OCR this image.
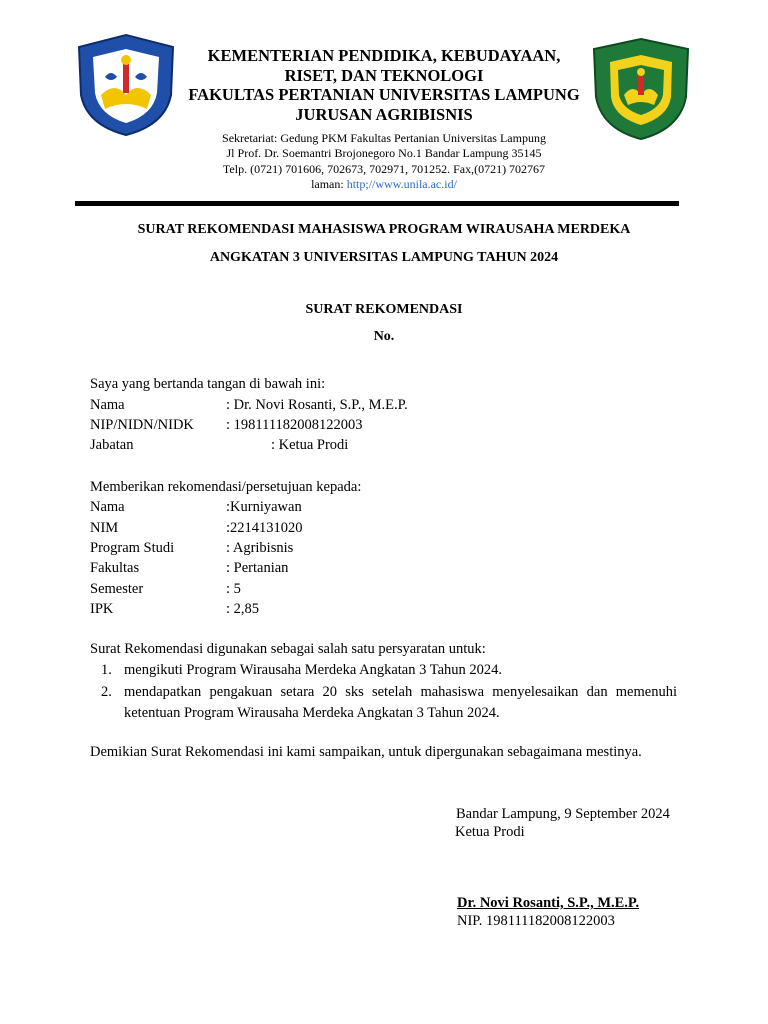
KEMENTERIAN PENDIDIKA, KEBUDAYAAN,
RISET, DAN TEKNOLOGI
FAKULTAS PERTANIAN UNIVERSITAS LAMPUNG
JURUSAN AGRIBISNIS
Sekretariat: Gedung PKM Fakultas Pertanian Universitas Lampung
Jl Prof. Dr. Soemantri Brojonegoro No.1 Bandar Lampung 35145
Telp. (0721) 701606, 702673, 702971, 701252. Fax,(0721) 702767
laman: http;//www.unila.ac.id/
SURAT REKOMENDASI MAHASISWA PROGRAM WIRAUSAHA MERDEKA
ANGKATAN 3 UNIVERSITAS LAMPUNG TAHUN 2024
SURAT REKOMENDASI
No.
Saya yang bertanda tangan di bawah ini:
Nama	: Dr. Novi Rosanti, S.P., M.E.P.
NIP/NIDN/NIDK : 198111182008122003
Jabatan	: Ketua Prodi
Memberikan rekomendasi/persetujuan kepada:
Nama	:Kurniyawan
NIM	:2214131020
Program Studi	: Agribisnis
Fakultas	: Pertanian
Semester	: 5
IPK	: 2,85
Surat Rekomendasi digunakan sebagai salah satu persyaratan untuk:
1. mengikuti Program Wirausaha Merdeka Angkatan 3 Tahun 2024.
2. mendapatkan pengakuan setara 20 sks setelah mahasiswa menyelesaikan dan memenuhi
ketentuan Program Wirausaha Merdeka Angkatan 3 Tahun 2024.
Demikian Surat Rekomendasi ini kami sampaikan, untuk dipergunakan sebagaimana mestinya.
Bandar Lampung, 9 September 2024
Ketua Prodi
Dr. Novi Rosanti, S.P., M.E.P.
NIP. 198111182008122003
